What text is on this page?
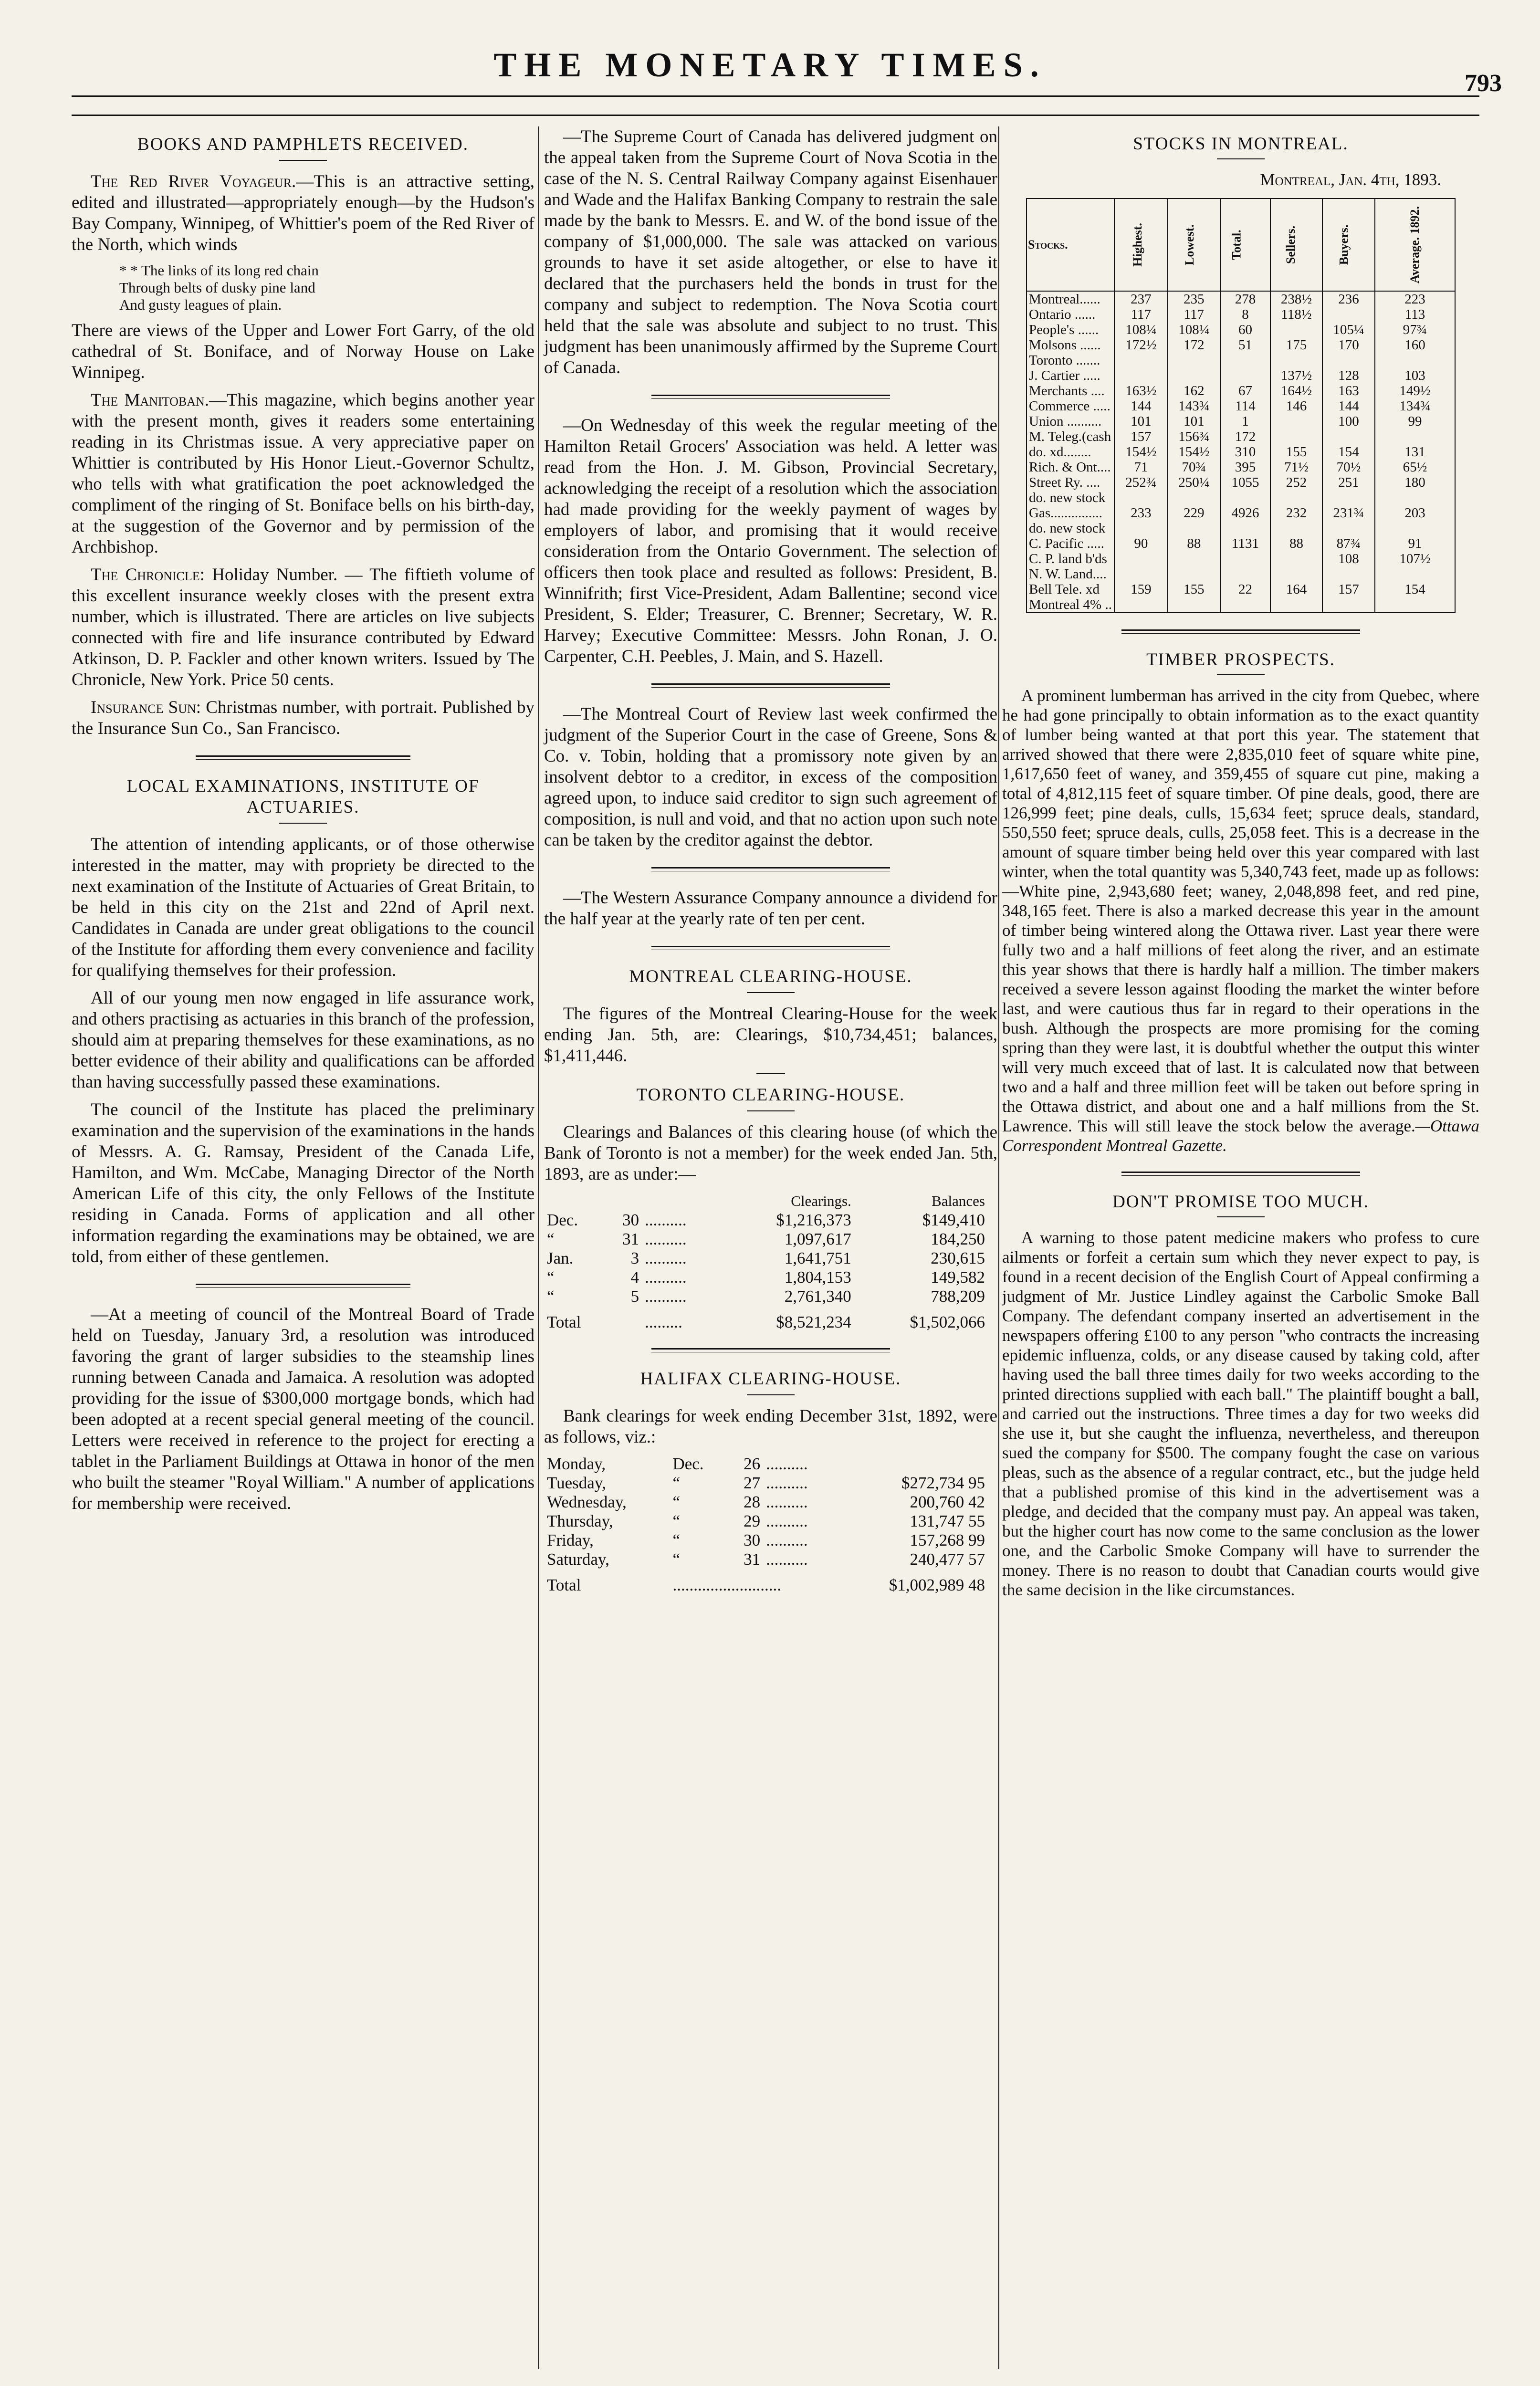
THE MONETARY TIMES.	793
BOOKS AND PAMPHLETS RECEIVED.

The Red River Voyageur.—This is an attractive setting, edited and illustrated—appropriately enough—by the Hudson's Bay Company, Winnipeg, of Whittier's poem of the Red River of the North, which winds

* * The links of its long red chain
Through belts of dusky pine land
And gusty leagues of plain.

There are views of the Upper and Lower Fort Garry, of the old cathedral of St. Boniface, and of Norway House on Lake Winnipeg.

The Manitoban.—This magazine, which begins another year with the present month, gives it readers some entertaining reading in its Christmas issue. A very appreciative paper on Whittier is contributed by His Honor Lieut.-Governor Schultz, who tells with what gratification the poet acknowledged the compliment of the ringing of St. Boniface bells on his birth-day, at the suggestion of the Governor and by permission of the Archbishop.

The Chronicle: Holiday Number. — The fiftieth volume of this excellent insurance weekly closes with the present extra number, which is illustrated. There are articles on live subjects connected with fire and life insurance contributed by Edward Atkinson, D. P. Fackler and other known writers. Issued by The Chronicle, New York. Price 50 cents.

Insurance Sun: Christmas number, with portrait. Published by the Insurance Sun Co., San Francisco.

LOCAL EXAMINATIONS, INSTITUTE OF ACTUARIES.

The attention of intending applicants, or of those otherwise interested in the matter, may with propriety be directed to the next examination of the Institute of Actuaries of Great Britain, to be held in this city on the 21st and 22nd of April next. Candidates in Canada are under great obligations to the council of the Institute for affording them every convenience and facility for qualifying themselves for their profession.

All of our young men now engaged in life assurance work, and others practising as actuaries in this branch of the profession, should aim at preparing themselves for these examinations, as no better evidence of their ability and qualifications can be afforded than having successfully passed these examinations.

The council of the Institute has placed the preliminary examination and the supervision of the examinations in the hands of Messrs. A. G. Ramsay, President of the Canada Life, Hamilton, and Wm. McCabe, Managing Director of the North American Life of this city, the only Fellows of the Institute residing in Canada. Forms of application and all other information regarding the examinations may be obtained, we are told, from either of these gentlemen.

—At a meeting of council of the Montreal Board of Trade held on Tuesday, January 3rd, a resolution was introduced favoring the grant of larger subsidies to the steamship lines running between Canada and Jamaica. A resolution was adopted providing for the issue of $300,000 mortgage bonds, which had been adopted at a recent special general meeting of the council. Letters were received in reference to the project for erecting a tablet in the Parliament Buildings at Ottawa in honor of the men who built the steamer "Royal William." A number of applications for membership were received.

—The Supreme Court of Canada has delivered judgment on the appeal taken from the Supreme Court of Nova Scotia in the case of the N. S. Central Railway Company against Eisenhauer and Wade and the Halifax Banking Company to restrain the sale made by the bank to Messrs. E. and W. of the bond issue of the company of $1,000,000. The sale was attacked on various grounds to have it set aside altogether, or else to have it declared that the purchasers held the bonds in trust for the company and subject to redemption. The Nova Scotia court held that the sale was absolute and subject to no trust. This judgment has been unanimously affirmed by the Supreme Court of Canada.

—On Wednesday of this week the regular meeting of the Hamilton Retail Grocers' Association was held. A letter was read from the Hon. J. M. Gibson, Provincial Secretary, acknowledging the receipt of a resolution which the association had made providing for the weekly payment of wages by employers of labor, and promising that it would receive consideration from the Ontario Government. The selection of officers then took place and resulted as follows: President, B. Winnifrith; first Vice-President, Adam Ballentine; second vice President, S. Elder; Treasurer, C. Brenner; Secretary, W. R. Harvey; Executive Committee: Messrs. John Ronan, J. O. Carpenter, C.H. Peebles, J. Main, and S. Hazell.

—The Montreal Court of Review last week confirmed the judgment of the Superior Court in the case of Greene, Sons & Co. v. Tobin, holding that a promissory note given by an insolvent debtor to a creditor, in excess of the composition agreed upon, to induce said creditor to sign such agreement of composition, is null and void, and that no action upon such note can be taken by the creditor against the debtor.

—The Western Assurance Company announce a dividend for the half year at the yearly rate of ten per cent.

MONTREAL CLEARING-HOUSE.

The figures of the Montreal Clearing-House for the week ending Jan. 5th, are: Clearings, $10,734,451; balances, $1,411,446.

TORONTO CLEARING-HOUSE.

Clearings and Balances of this clearing house (of which the Bank of Toronto is not a member) for the week ended Jan. 5th, 1893, are as under:—

			Clearings.	Balances
Dec.	30	..........	$1,216,373	$149,410
“	31	..........	1,097,617	184,250
Jan.	3	..........	1,641,751	230,615
“	4	..........	1,804,153	149,582
“	5	..........	2,761,340	788,209
Total		.........	$8,521,234	$1,502,066
HALIFAX CLEARING-HOUSE.

Bank clearings for week ending December 31st, 1892, were as follows, viz.:

Monday,	Dec.	26	..........	
Tuesday,	“	27	..........	$272,734 95
Wednesday,	“	28	..........	200,760 42
Thursday,	“	29	..........	131,747 55
Friday,	“	30	..........	157,268 99
Saturday,	“	31	..........	240,477 57
Total	..........................			$1,002,989 48
STOCKS IN MONTREAL.
Montreal, Jan. 4th, 1893.
Stocks.	Highest.	Lowest.	Total.	Sellers.	Buyers.	Average. 1892.
Montreal......	237	235	278	238½	236	223
Ontario ......	117	117	8	118½		113
People's ......	108¼	108¼	60		105¼	97¾
Molsons ......	172½	172	51	175	170	160
Toronto .......						
J. Cartier .....				137½	128	103
Merchants ....	163½	162	67	164½	163	149½
Commerce .....	144	143¾	114	146	144	134¾
Union ..........	101	101	1		100	99
M. Teleg.(cash	157	156¾	172			
do. xd........	154½	154½	310	155	154	131
Rich. & Ont....	71	70¾	395	71½	70½	65½
Street Ry. ....	252¾	250¼	1055	252	251	180
do. new stock						
Gas...............	233	229	4926	232	231¾	203
do. new stock						
C. Pacific .....	90	88	1131	88	87¾	91
C. P. land b'ds					108	107½
N. W. Land....						
Bell Tele. xd	159	155	22	164	157	154
Montreal 4% ..						
TIMBER PROSPECTS.

A prominent lumberman has arrived in the city from Quebec, where he had gone principally to obtain information as to the exact quantity of lumber being wanted at that port this year. The statement that arrived showed that there were 2,835,010 feet of square white pine, 1,617,650 feet of waney, and 359,455 of square cut pine, making a total of 4,812,115 feet of square timber. Of pine deals, good, there are 126,999 feet; pine deals, culls, 15,634 feet; spruce deals, standard, 550,550 feet; spruce deals, culls, 25,058 feet. This is a decrease in the amount of square timber being held over this year compared with last winter, when the total quantity was 5,340,743 feet, made up as follows:—White pine, 2,943,680 feet; waney, 2,048,898 feet, and red pine, 348,165 feet. There is also a marked decrease this year in the amount of timber being wintered along the Ottawa river. Last year there were fully two and a half millions of feet along the river, and an estimate this year shows that there is hardly half a million. The timber makers received a severe lesson against flooding the market the winter before last, and were cautious thus far in regard to their operations in the bush. Although the prospects are more promising for the coming spring than they were last, it is doubtful whether the output this winter will very much exceed that of last. It is calculated now that between two and a half and three million feet will be taken out before spring in the Ottawa district, and about one and a half millions from the St. Lawrence. This will still leave the stock below the average.—Ottawa Correspondent Montreal Gazette.

DON'T PROMISE TOO MUCH.

A warning to those patent medicine makers who profess to cure ailments or forfeit a certain sum which they never expect to pay, is found in a recent decision of the English Court of Appeal confirming a judgment of Mr. Justice Lindley against the Carbolic Smoke Ball Company. The defendant company inserted an advertisement in the newspapers offering £100 to any person "who contracts the increasing epidemic influenza, colds, or any disease caused by taking cold, after having used the ball three times daily for two weeks according to the printed directions supplied with each ball." The plaintiff bought a ball, and carried out the instructions. Three times a day for two weeks did she use it, but she caught the influenza, nevertheless, and thereupon sued the company for $500. The company fought the case on various pleas, such as the absence of a regular contract, etc., but the judge held that a published promise of this kind in the advertisement was a pledge, and decided that the company must pay. An appeal was taken, but the higher court has now come to the same conclusion as the lower one, and the Carbolic Smoke Company will have to surrender the money. There is no reason to doubt that Canadian courts would give the same decision in the like circumstances.
